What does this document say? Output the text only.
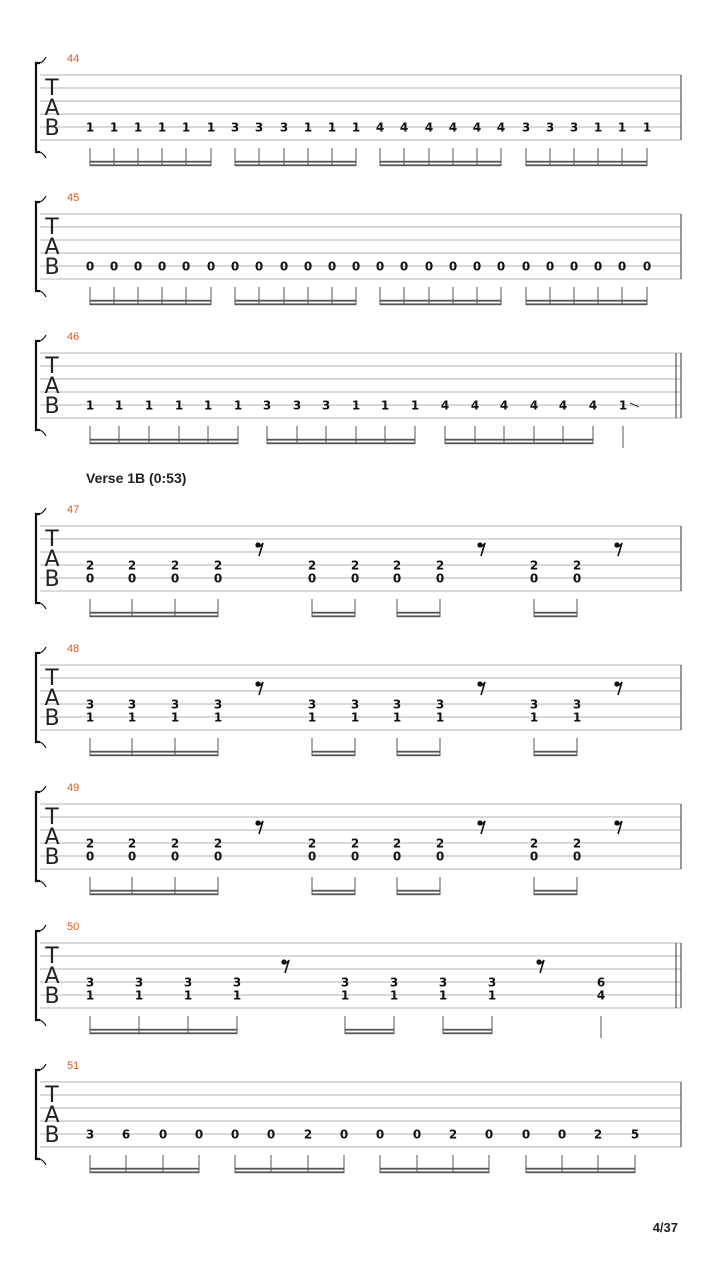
44
T
A
B 1 1 1 1 1 1 3 3 3 1 1 1 4 4 4 4 4 4 3 3 3 1 1 1
45
T
A
B 0 0 0 0 0 0 0 0 0 0 0 0 0 0 0 0 0 0 0 0 0 0 0 0
46
T
A
B 1 1 1 1 1 1 3 3 3 1 1 1 4 4 4 4 4 4 1
47
T
A
B
2
0
2
0
2
0
2
0
2
0
2
0
2
0
2
0
2
0
2
0
48
T
A
B
3
1
3
1
3
1
3
1
3
1
3
1
3
1
3
1
3
1
3
1
49
T
A
B
2
0
2
0
2
0
2
0
2
0
2
0
2
0
2
0
2
0
2
0
50
T
A
B
3
1
3
1
3
1
3
1
3
1
3
1
3
1
3
1
6
4
51
T
A
B 3 6 0 0 0 0 2 0 0 0 2 0 0 0 2 5
Verse 1B (0:53)
4/37
